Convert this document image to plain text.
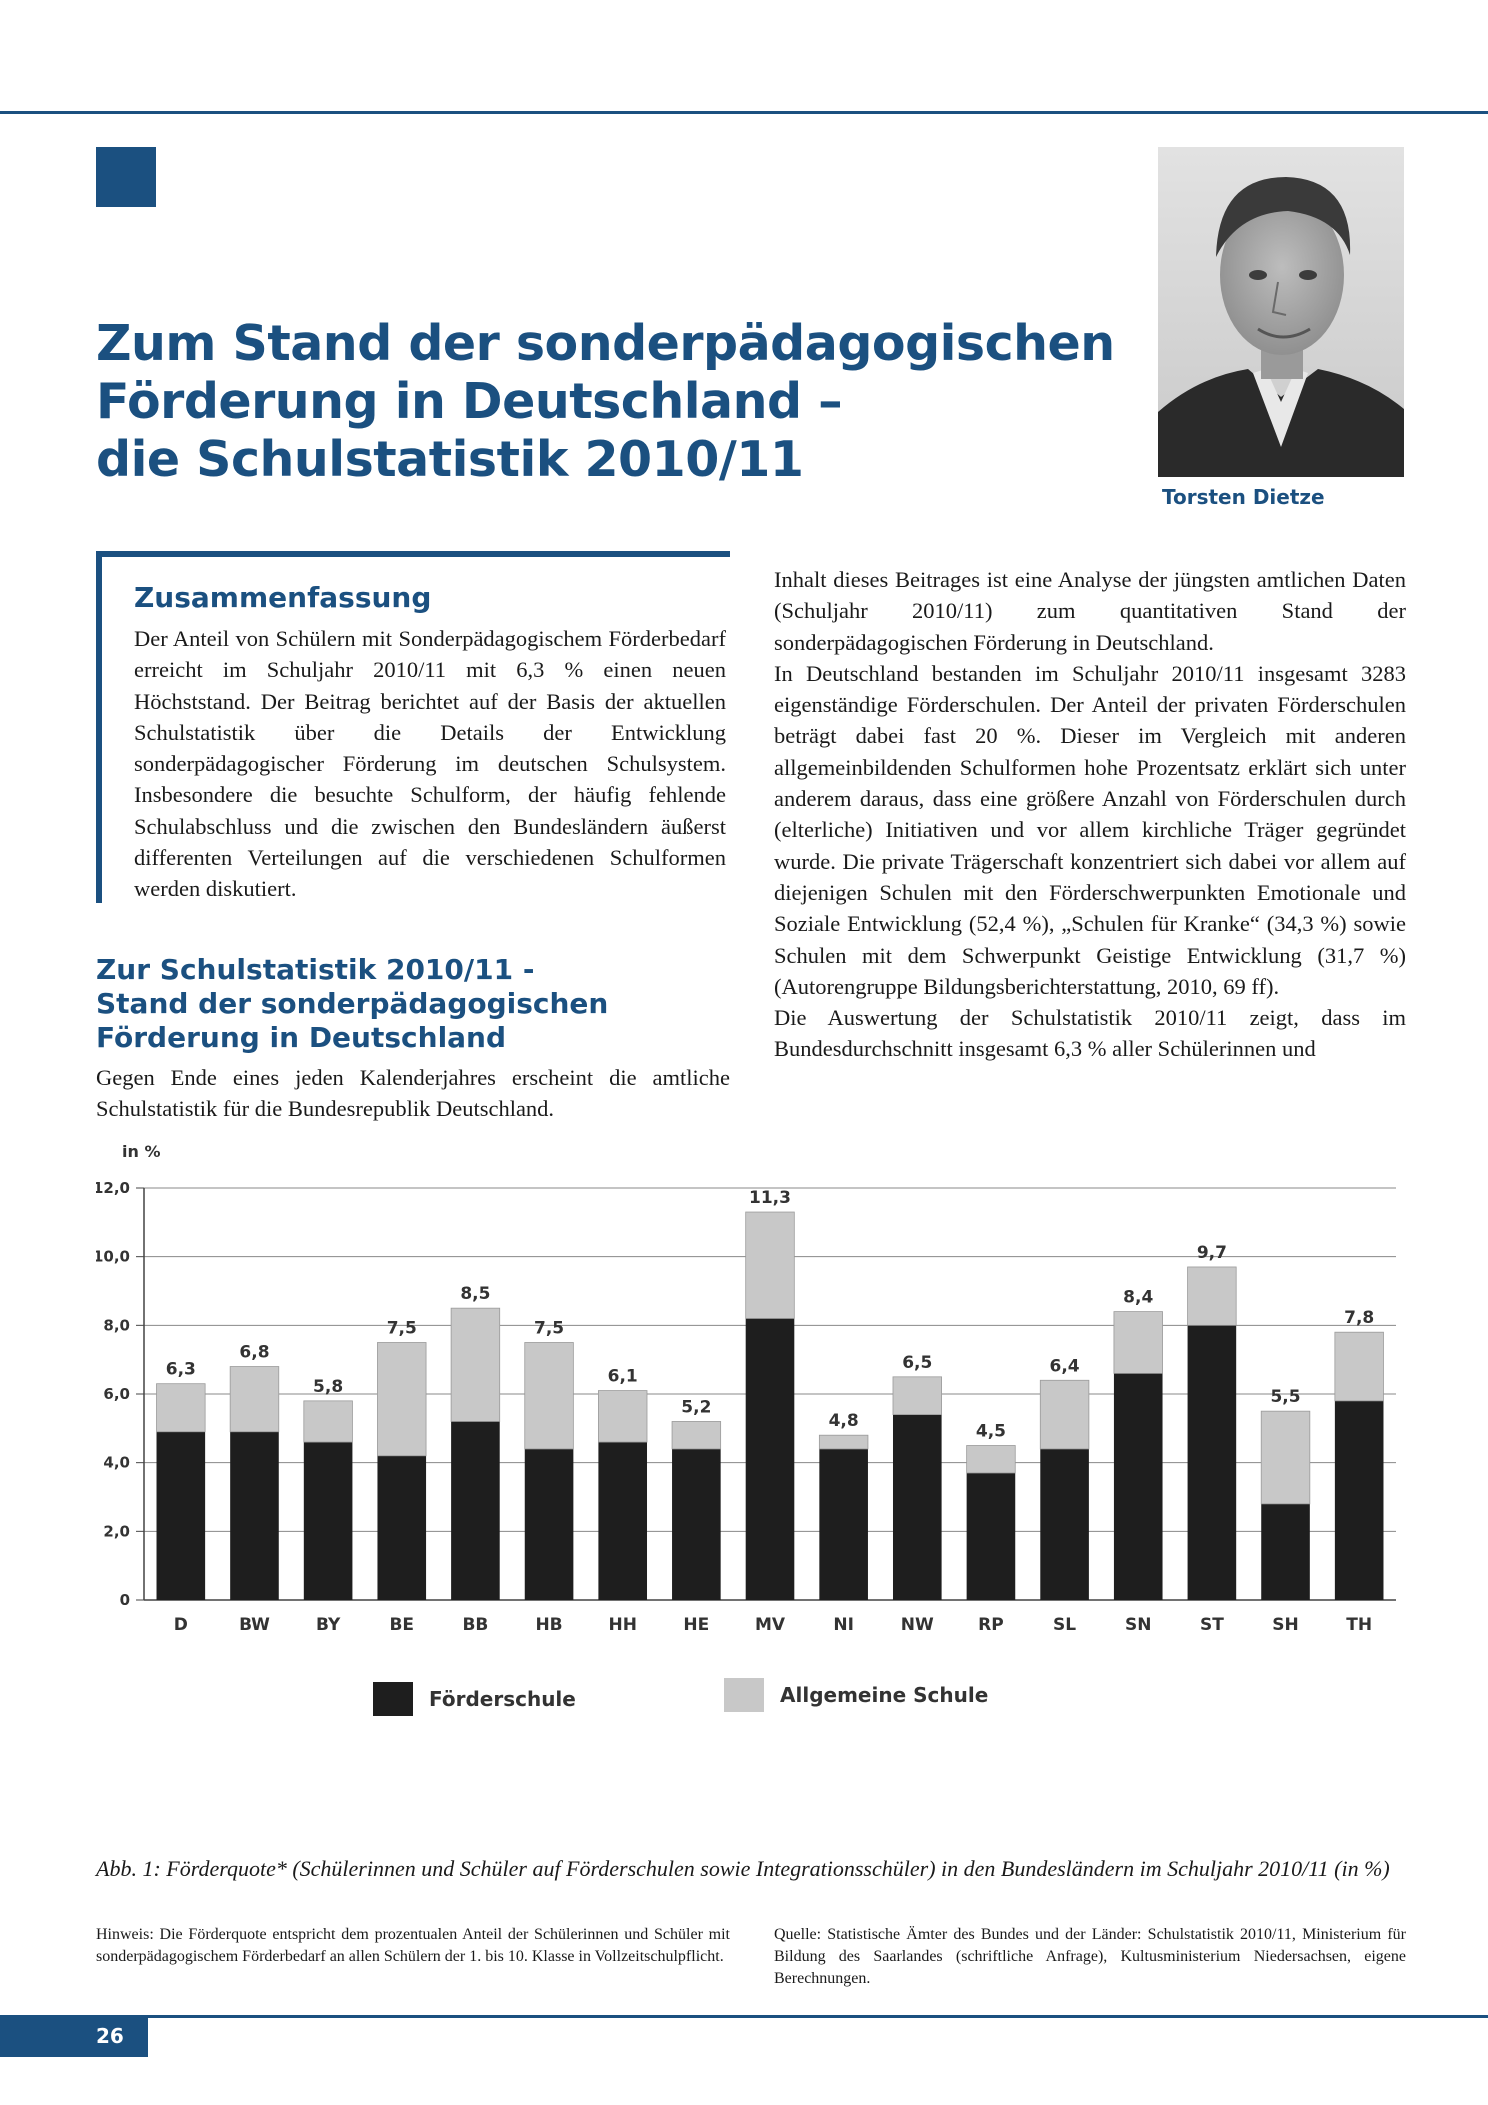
Zum Stand der sonderpädagogischen
Förderung in Deutschland –
die Schulstatistik 2010/11
Torsten Dietze
Zusammenfassung

Der Anteil von Schülern mit Sonderpädagogischem Förderbedarf erreicht im Schuljahr 2010/11 mit 6,3 % einen neuen Höchststand. Der Beitrag berichtet auf der Basis der aktuellen Schulstatistik über die Details der Entwicklung sonderpädagogischer Förderung im deutschen Schulsystem. Insbesondere die besuchte Schulform, der häufig fehlende Schulabschluss und die zwischen den Bundesländern äußerst differenten Verteilungen auf die verschiedenen Schulformen werden diskutiert.

Zur Schulstatistik 2010/11 -
Stand der sonderpädagogischen
Förderung in Deutschland

Gegen Ende eines jeden Kalenderjahres erscheint die amtliche Schulstatistik für die Bundesrepublik Deutschland.

Inhalt dieses Beitrages ist eine Analyse der jüngsten amtlichen Daten (Schuljahr 2010/11) zum quantitativen Stand der sonderpädagogischen Förderung in Deutschland.

In Deutschland bestanden im Schuljahr 2010/11 insgesamt 3283 eigenständige Förderschulen. Der Anteil der privaten Förderschulen beträgt dabei fast 20 %. Dieser im Vergleich mit anderen allgemeinbildenden Schulformen hohe Prozentsatz erklärt sich unter anderem daraus, dass eine größere Anzahl von Förderschulen durch (elterliche) Initiativen und vor allem kirchliche Träger gegründet wurde. Die private Trägerschaft konzentriert sich dabei vor allem auf diejenigen Schulen mit den Förderschwerpunkten Emotionale und Soziale Entwicklung (52,4 %), „Schulen für Kranke“ (34,3 %) sowie Schulen mit dem Schwerpunkt Geistige Entwicklung (31,7 %) (Autorengruppe Bildungsberichterstattung, 2010, 69 ff).

Die Auswertung der Schulstatistik 2010/11 zeigt, dass im Bundesdurchschnitt insgesamt 6,3 % aller Schülerinnen und

in %
0
2,0
4,0
6,0
8,0
10,0
12,0
6,3
6,8
5,8
7,5
8,5
7,5
6,1
5,2
11,3
4,8
6,5
4,5
6,4
8,4
9,7
5,5
7,8
D	BW	BY	BE	BB	HB	HH	HE	MV	NI	NW	RP	SL	SN	ST	SH	TH
Förderschule	Allgemeine Schule

Abb. 1: Förderquote* (Schülerinnen und Schüler auf Förderschulen sowie Integrationsschüler) in den Bundesländern im Schuljahr 2010/11 (in %)

Hinweis: Die Förderquote entspricht dem prozentualen Anteil der Schülerinnen und Schüler mit sonderpädagogischem Förderbedarf an allen Schülern der 1. bis 10. Klasse in Vollzeitschulpflicht.

Quelle: Statistische Ämter des Bundes und der Länder: Schulstatistik 2010/11, Ministerium für Bildung des Saarlandes (schriftliche Anfrage), Kultusministerium Niedersachsen, eigene Berechnungen.

26
